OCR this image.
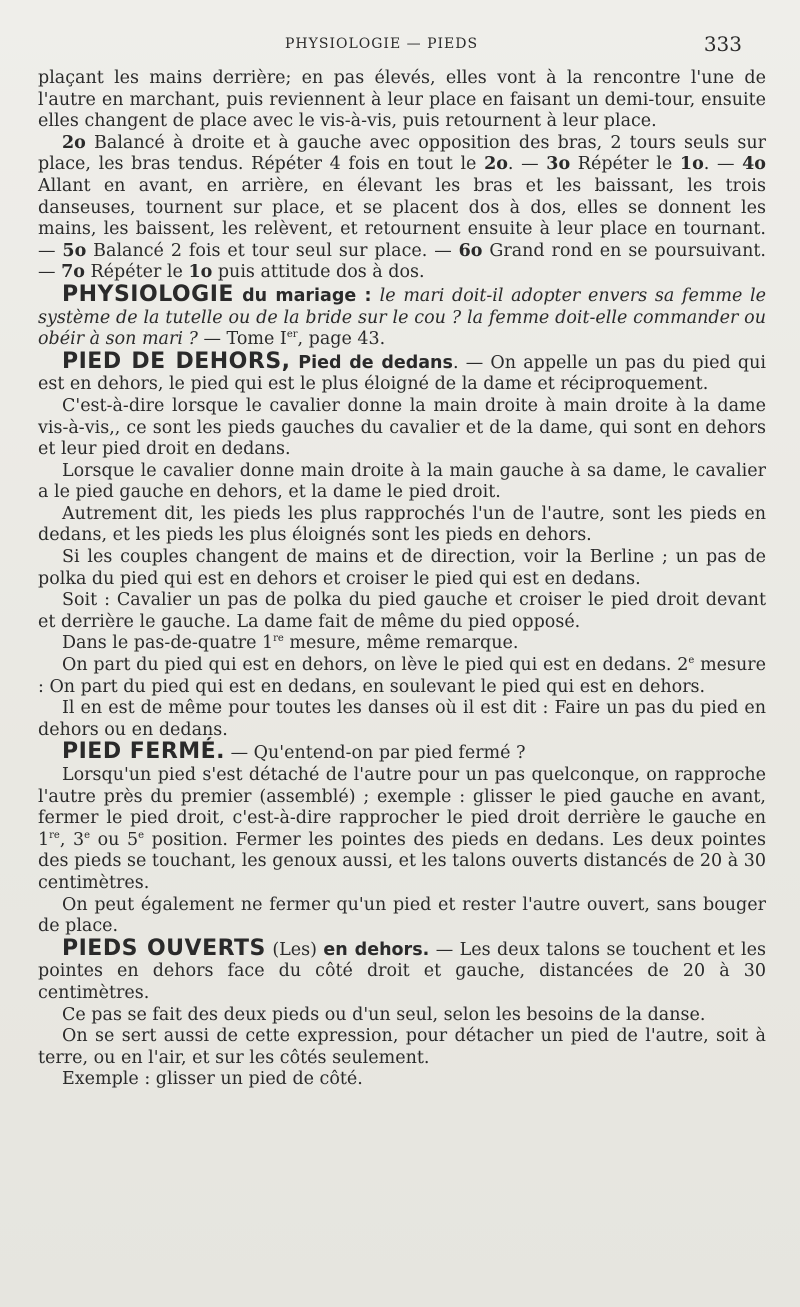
PHYSIOLOGIE — PIEDS	333

plaçant les mains derrière; en pas élevés, elles vont à la rencontre l'une de l'autre en marchant, puis reviennent à leur place en faisant un demi-tour, ensuite elles changent de place avec le vis-à-vis, puis retournent à leur place.

2o Balancé à droite et à gauche avec opposition des bras, 2 tours seuls sur place, les bras tendus. Répéter 4 fois en tout le 2o. — 3o Répéter le 1o. — 4o Allant en avant, en arrière, en élevant les bras et les baissant, les trois danseuses, tournent sur place, et se placent dos à dos, elles se donnent les mains, les baissent, les relèvent, et retournent ensuite à leur place en tournant. — 5o Balancé 2 fois et tour seul sur place. — 6o Grand rond en se poursuivant. — 7o Répéter le 1o puis attitude dos à dos.

PHYSIOLOGIE du mariage : le mari doit-il adopter envers sa femme le système de la tutelle ou de la bride sur le cou ? la femme doit-elle commander ou obéir à son mari ? — Tome Ier, page 43.

PIED DE DEHORS, Pied de dedans. — On appelle un pas du pied qui est en dehors, le pied qui est le plus éloigné de la dame et réciproquement.

C'est-à-dire lorsque le cavalier donne la main droite à main droite à la dame vis-à-vis,, ce sont les pieds gauches du cavalier et de la dame, qui sont en dehors et leur pied droit en dedans.

Lorsque le cavalier donne main droite à la main gauche à sa dame, le cavalier a le pied gauche en dehors, et la dame le pied droit.

Autrement dit, les pieds les plus rapprochés l'un de l'autre, sont les pieds en dedans, et les pieds les plus éloignés sont les pieds en dehors.

Si les couples changent de mains et de direction, voir la Berline ; un pas de polka du pied qui est en dehors et croiser le pied qui est en dedans.

Soit : Cavalier un pas de polka du pied gauche et croiser le pied droit devant et derrière le gauche. La dame fait de même du pied opposé.

Dans le pas-de-quatre 1re mesure, même remarque.

On part du pied qui est en dehors, on lève le pied qui est en dedans. 2e mesure : On part du pied qui est en dedans, en soulevant le pied qui est en dehors.

Il en est de même pour toutes les danses où il est dit : Faire un pas du pied en dehors ou en dedans.

PIED FERMÉ. — Qu'entend-on par pied fermé ?

Lorsqu'un pied s'est détaché de l'autre pour un pas quelconque, on rapproche l'autre près du premier (assemblé) ; exemple : glisser le pied gauche en avant, fermer le pied droit, c'est-à-dire rapprocher le pied droit derrière le gauche en 1re, 3e ou 5e position. Fermer les pointes des pieds en dedans. Les deux pointes des pieds se touchant, les genoux aussi, et les talons ouverts distancés de 20 à 30 centimètres.

On peut également ne fermer qu'un pied et rester l'autre ouvert, sans bouger de place.

PIEDS OUVERTS (Les) en dehors. — Les deux talons se touchent et les pointes en dehors face du côté droit et gauche, distancées de 20 à 30 centimètres.

Ce pas se fait des deux pieds ou d'un seul, selon les besoins de la danse.

On se sert aussi de cette expression, pour détacher un pied de l'autre, soit à terre, ou en l'air, et sur les côtés seulement.

Exemple : glisser un pied de côté.
